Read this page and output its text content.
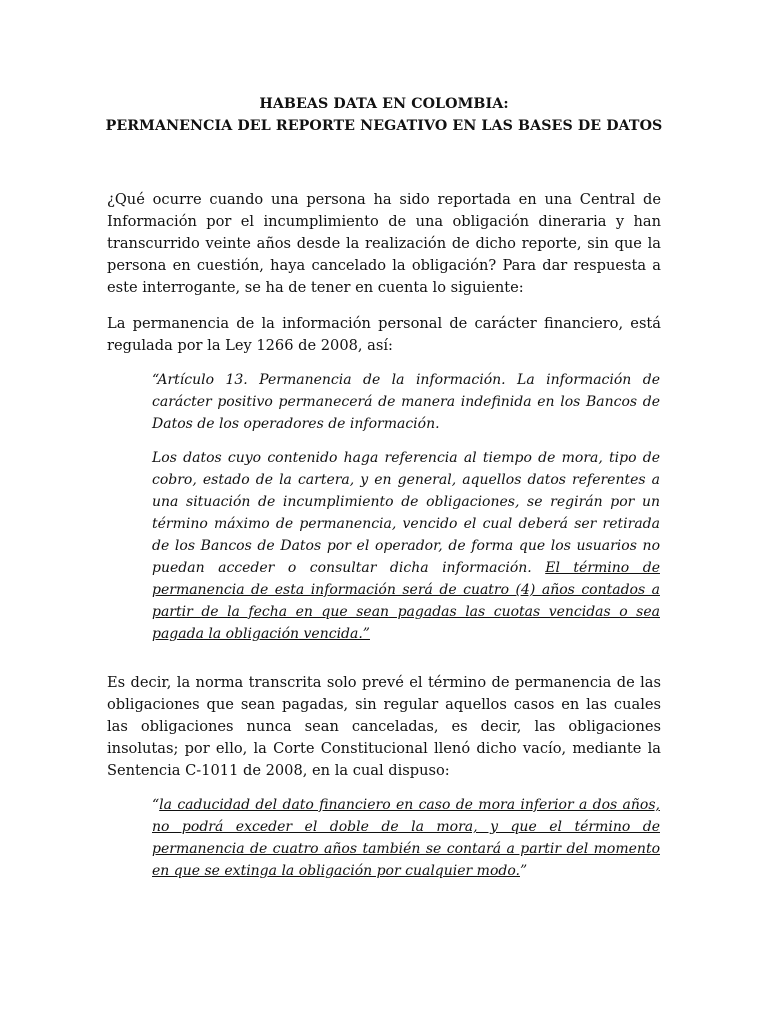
HABEAS DATA EN COLOMBIA:
PERMANENCIA DEL REPORTE NEGATIVO EN LAS BASES DE DATOS
¿Qué ocurre cuando una persona ha sido reportada en una Central de Información por el incumplimiento de una obligación dineraria y han transcurrido veinte años desde la realización de dicho reporte, sin que la persona en cuestión, haya cancelado la obligación? Para dar respuesta a este interrogante, se ha de tener en cuenta lo siguiente:
La permanencia de la información personal de carácter financiero, está regulada por la Ley 1266 de 2008, así:
“Artículo 13. Permanencia de la información. La información de carácter positivo permanecerá de manera indefinida en los Bancos de Datos de los operadores de información.
Los datos cuyo contenido haga referencia al tiempo de mora, tipo de cobro, estado de la cartera, y en general, aquellos datos referentes a una situación de incumplimiento de obligaciones, se regirán por un término máximo de permanencia, vencido el cual deberá ser retirada de los Bancos de Datos por el operador, de forma que los usuarios no puedan acceder o consultar dicha información. El término de permanencia de esta información será de cuatro (4) años contados a partir de la fecha en que sean pagadas las cuotas vencidas o sea pagada la obligación vencida.”
Es decir, la norma transcrita solo prevé el término de permanencia de las obligaciones que sean pagadas, sin regular aquellos casos en las cuales las obligaciones nunca sean canceladas, es decir, las obligaciones insolutas; por ello, la Corte Constitucional llenó dicho vacío, mediante la Sentencia C-1011 de 2008, en la cual dispuso:
“la caducidad del dato financiero en caso de mora inferior a dos años, no podrá exceder el doble de la mora, y que el término de permanencia de cuatro años también se contará a partir del momento en que se extinga la obligación por cualquier modo.”
